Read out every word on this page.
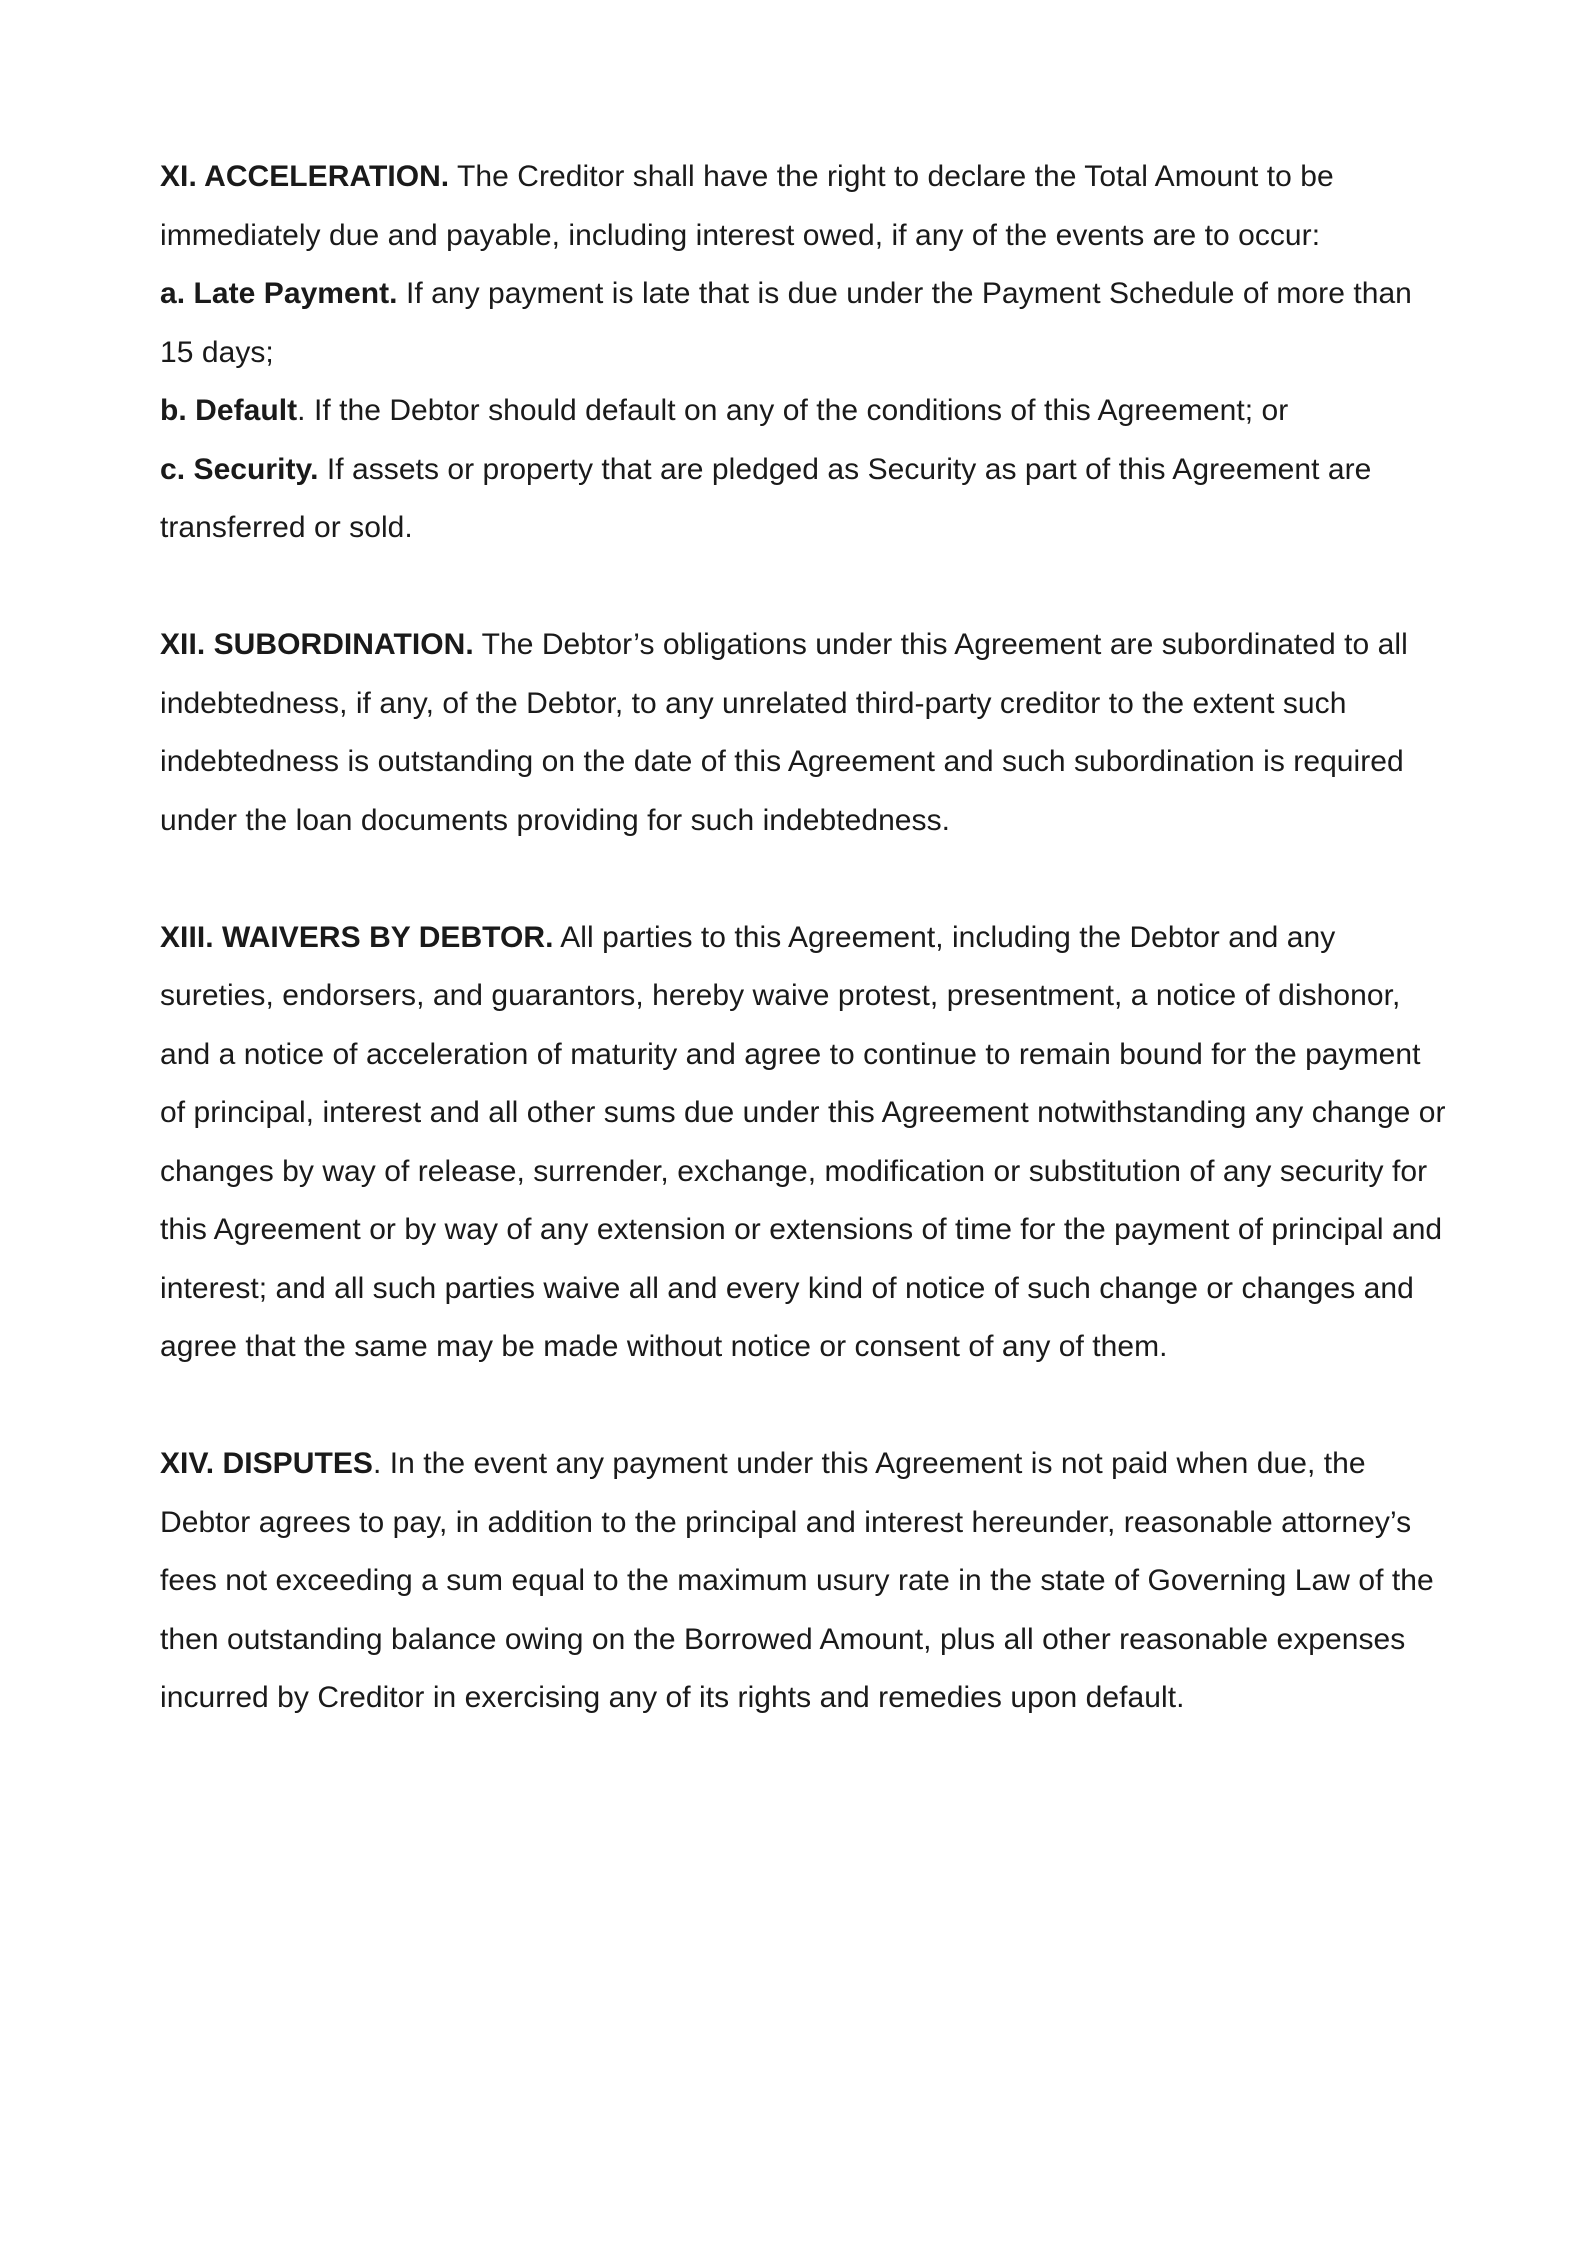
XI. ACCELERATION. The Creditor shall have the right to declare the Total Amount to be immediately due and payable, including interest owed, if any of the events are to occur:

a. Late Payment. If any payment is late that is due under the Payment Schedule of more than 15 days;

b. Default. If the Debtor should default on any of the conditions of this Agreement; or

c. Security. If assets or property that are pledged as Security as part of this Agreement are transferred or sold.

XII. SUBORDINATION. The Debtor’s obligations under this Agreement are subordinated to all indebtedness, if any, of the Debtor, to any unrelated third-party creditor to the extent such indebtedness is outstanding on the date of this Agreement and such subordination is required under the loan documents providing for such indebtedness.

XIII. WAIVERS BY DEBTOR. All parties to this Agreement, including the Debtor and any sureties, endorsers, and guarantors, hereby waive protest, presentment, a notice of dishonor, and a notice of acceleration of maturity and agree to continue to remain bound for the payment of principal, interest and all other sums due under this Agreement notwithstanding any change or changes by way of release, surrender, exchange, modification or substitution of any security for this Agreement or by way of any extension or extensions of time for the payment of principal and interest; and all such parties waive all and every kind of notice of such change or changes and agree that the same may be made without notice or consent of any of them.

XIV. DISPUTES. In the event any payment under this Agreement is not paid when due, the Debtor agrees to pay, in addition to the principal and interest hereunder, reasonable attorney’s fees not exceeding a sum equal to the maximum usury rate in the state of Governing Law of the then outstanding balance owing on the Borrowed Amount, plus all other reasonable expenses incurred by Creditor in exercising any of its rights and remedies upon default.
